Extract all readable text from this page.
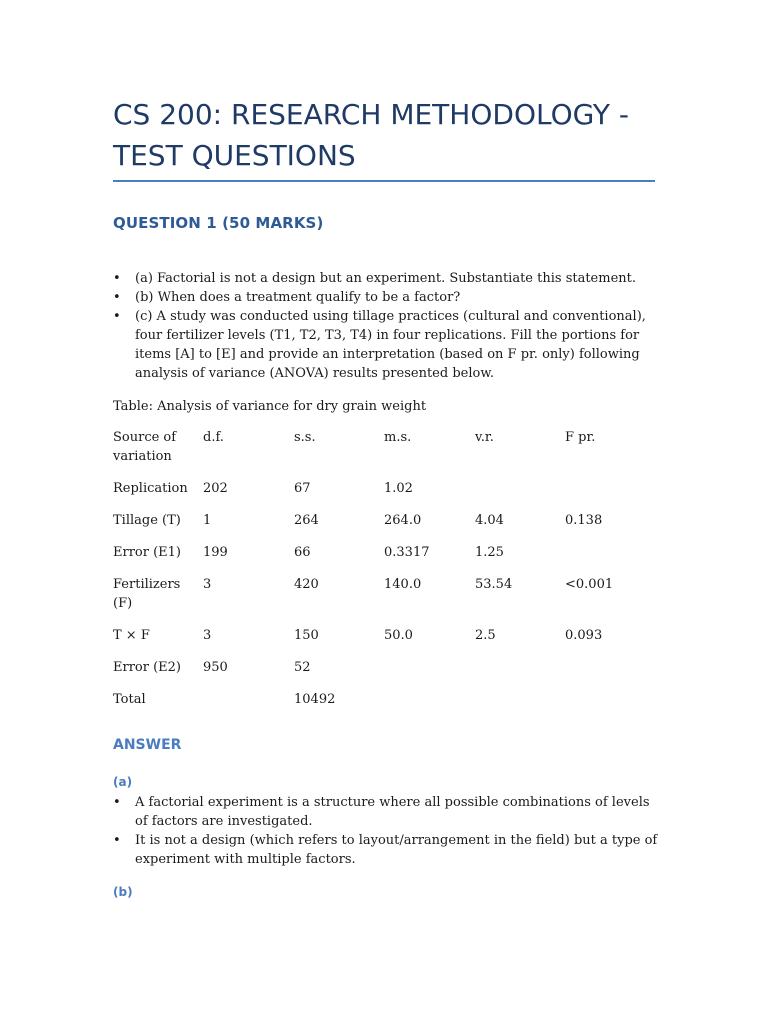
CS 200: RESEARCH METHODOLOGY - TEST QUESTIONS
QUESTION 1 (50 MARKS)
• (a) Factorial is not a design but an experiment. Substantiate this statement.
• (b) When does a treatment qualify to be a factor?
• (c) A study was conducted using tillage practices (cultural and conventional), four fertilizer levels (T1, T2, T3, T4) in four replications. Fill the portions for items [A] to [E] and provide an interpretation (based on F pr. only) following analysis of variance (ANOVA) results presented below.

Table: Analysis of variance for dry grain weight

Source of variation	d.f.	s.s.	m.s.	v.r.	F pr.
Replication	202	67	1.02		
Tillage (T)	1	264	264.0	4.04	0.138
Error (E1)	199	66	0.3317	1.25	
Fertilizers (F)	3	420	140.0	53.54	<0.001
T × F	3	150	50.0	2.5	0.093
Error (E2)	950	52			
Total		10492			
ANSWER
(a)
• A factorial experiment is a structure where all possible combinations of levels of factors are investigated.
• It is not a design (which refers to layout/arrangement in the field) but a type of experiment with multiple factors.
(b)
